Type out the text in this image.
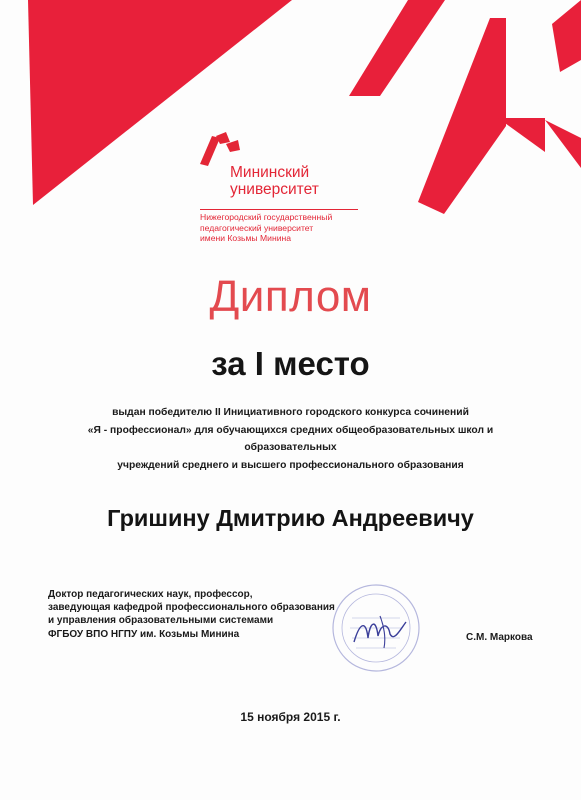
Мининский
университет
Нижегородский государственный
педагогический университет
имени Козьмы Минина
Диплом
за I место
выдан победителю II Инициативного городского конкурса сочинений
«Я - профессионал» для обучающихся средних общеобразовательных школ и образовательных
учреждений среднего и высшего профессионального образования
Гришину Дмитрию Андреевичу
Доктор педагогических наук, профессор,
заведующая кафедрой профессионального образования
и управления образовательными системами
ФГБОУ ВПО НГПУ им. Козьмы Минина	С.М. Маркова
15 ноября 2015 г.
